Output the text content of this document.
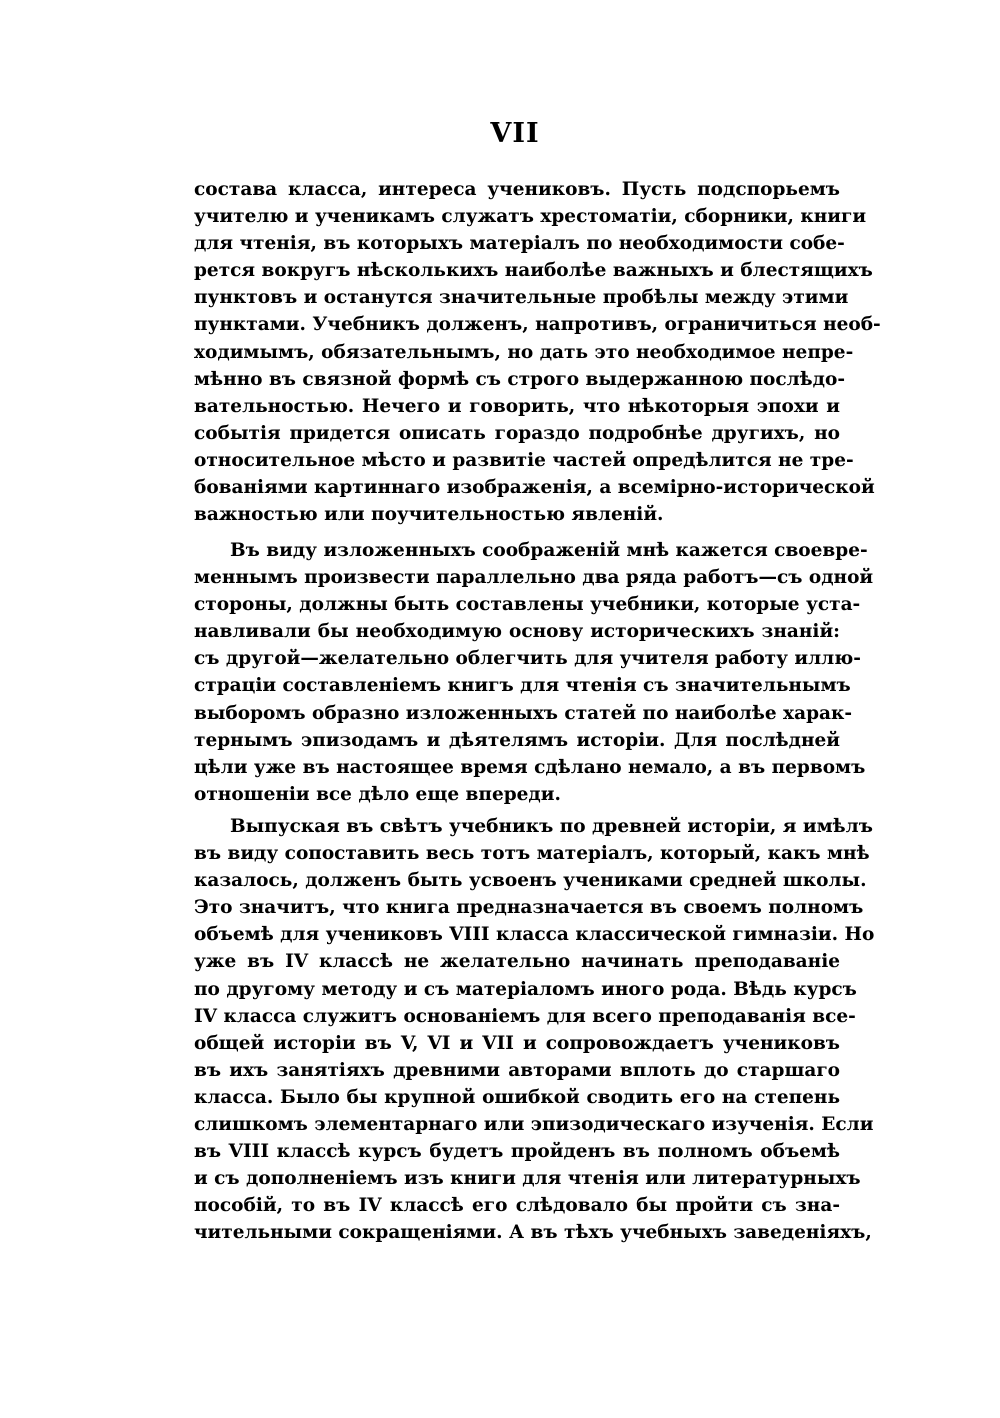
VII
состава класса, интереса учениковъ. Пусть подспорьемъ
учителю и ученикамъ служатъ хрестоматіи, сборники, книги
для чтенія, въ которыхъ матеріалъ по необходимости собе-
рется вокругъ нѣсколькихъ наиболѣе важныхъ и блестящихъ
пунктовъ и останутся значительные пробѣлы между этими
пунктами. Учебникъ долженъ, напротивъ, ограничиться необ-
ходимымъ, обязательнымъ, но дать это необходимое непре-
мѣнно въ связной формѣ съ строго выдержанною послѣдо-
вательностью. Нечего и говорить, что нѣкоторыя эпохи и
событія придется описать гораздо подробнѣе другихъ, но
относительное мѣсто и развитіе частей опредѣлится не тре-
бованіями картиннаго изображенія, а всемірно-исторической
важностью или поучительностью явленій.
Въ виду изложенныхъ соображеній мнѣ кажется своевре-
меннымъ произвести параллельно два ряда работъ—съ одной
стороны, должны быть составлены учебники, которые уста-
навливали бы необходимую основу историческихъ знаній:
съ другой—желательно облегчить для учителя работу иллю-
страціи составленіемъ книгъ для чтенія съ значительнымъ
выборомъ образно изложенныхъ статей по наиболѣе харак-
тернымъ эпизодамъ и дѣятелямъ исторіи. Для послѣдней
цѣли уже въ настоящее время сдѣлано немало, а въ первомъ
отношеніи все дѣло еще впереди.
Выпуская въ свѣтъ учебникъ по древней исторіи, я имѣлъ
въ виду сопоставить весь тотъ матеріалъ, который, какъ мнѣ
казалось, долженъ быть усвоенъ учениками средней школы.
Это значитъ, что книга предназначается въ своемъ полномъ
объемѣ для учениковъ VIII класса классической гимназіи. Но
уже въ IV классѣ не желательно начинать преподаваніе
по другому методу и съ матеріаломъ иного рода. Вѣдь курсъ
IV класса служитъ основаніемъ для всего преподаванія все-
общей исторіи въ V, VI и VII и сопровождаетъ учениковъ
въ ихъ занятіяхъ древними авторами вплоть до старшаго
класса. Было бы крупной ошибкой сводить его на степень
слишкомъ элементарнаго или эпизодическаго изученія. Если
въ VIII классѣ курсъ будетъ пройденъ въ полномъ объемѣ
и съ дополненіемъ изъ книги для чтенія или литературныхъ
пособій, то въ IV классѣ его слѣдовало бы пройти съ зна-
чительными сокращеніями. А въ тѣхъ учебныхъ заведеніяхъ,
